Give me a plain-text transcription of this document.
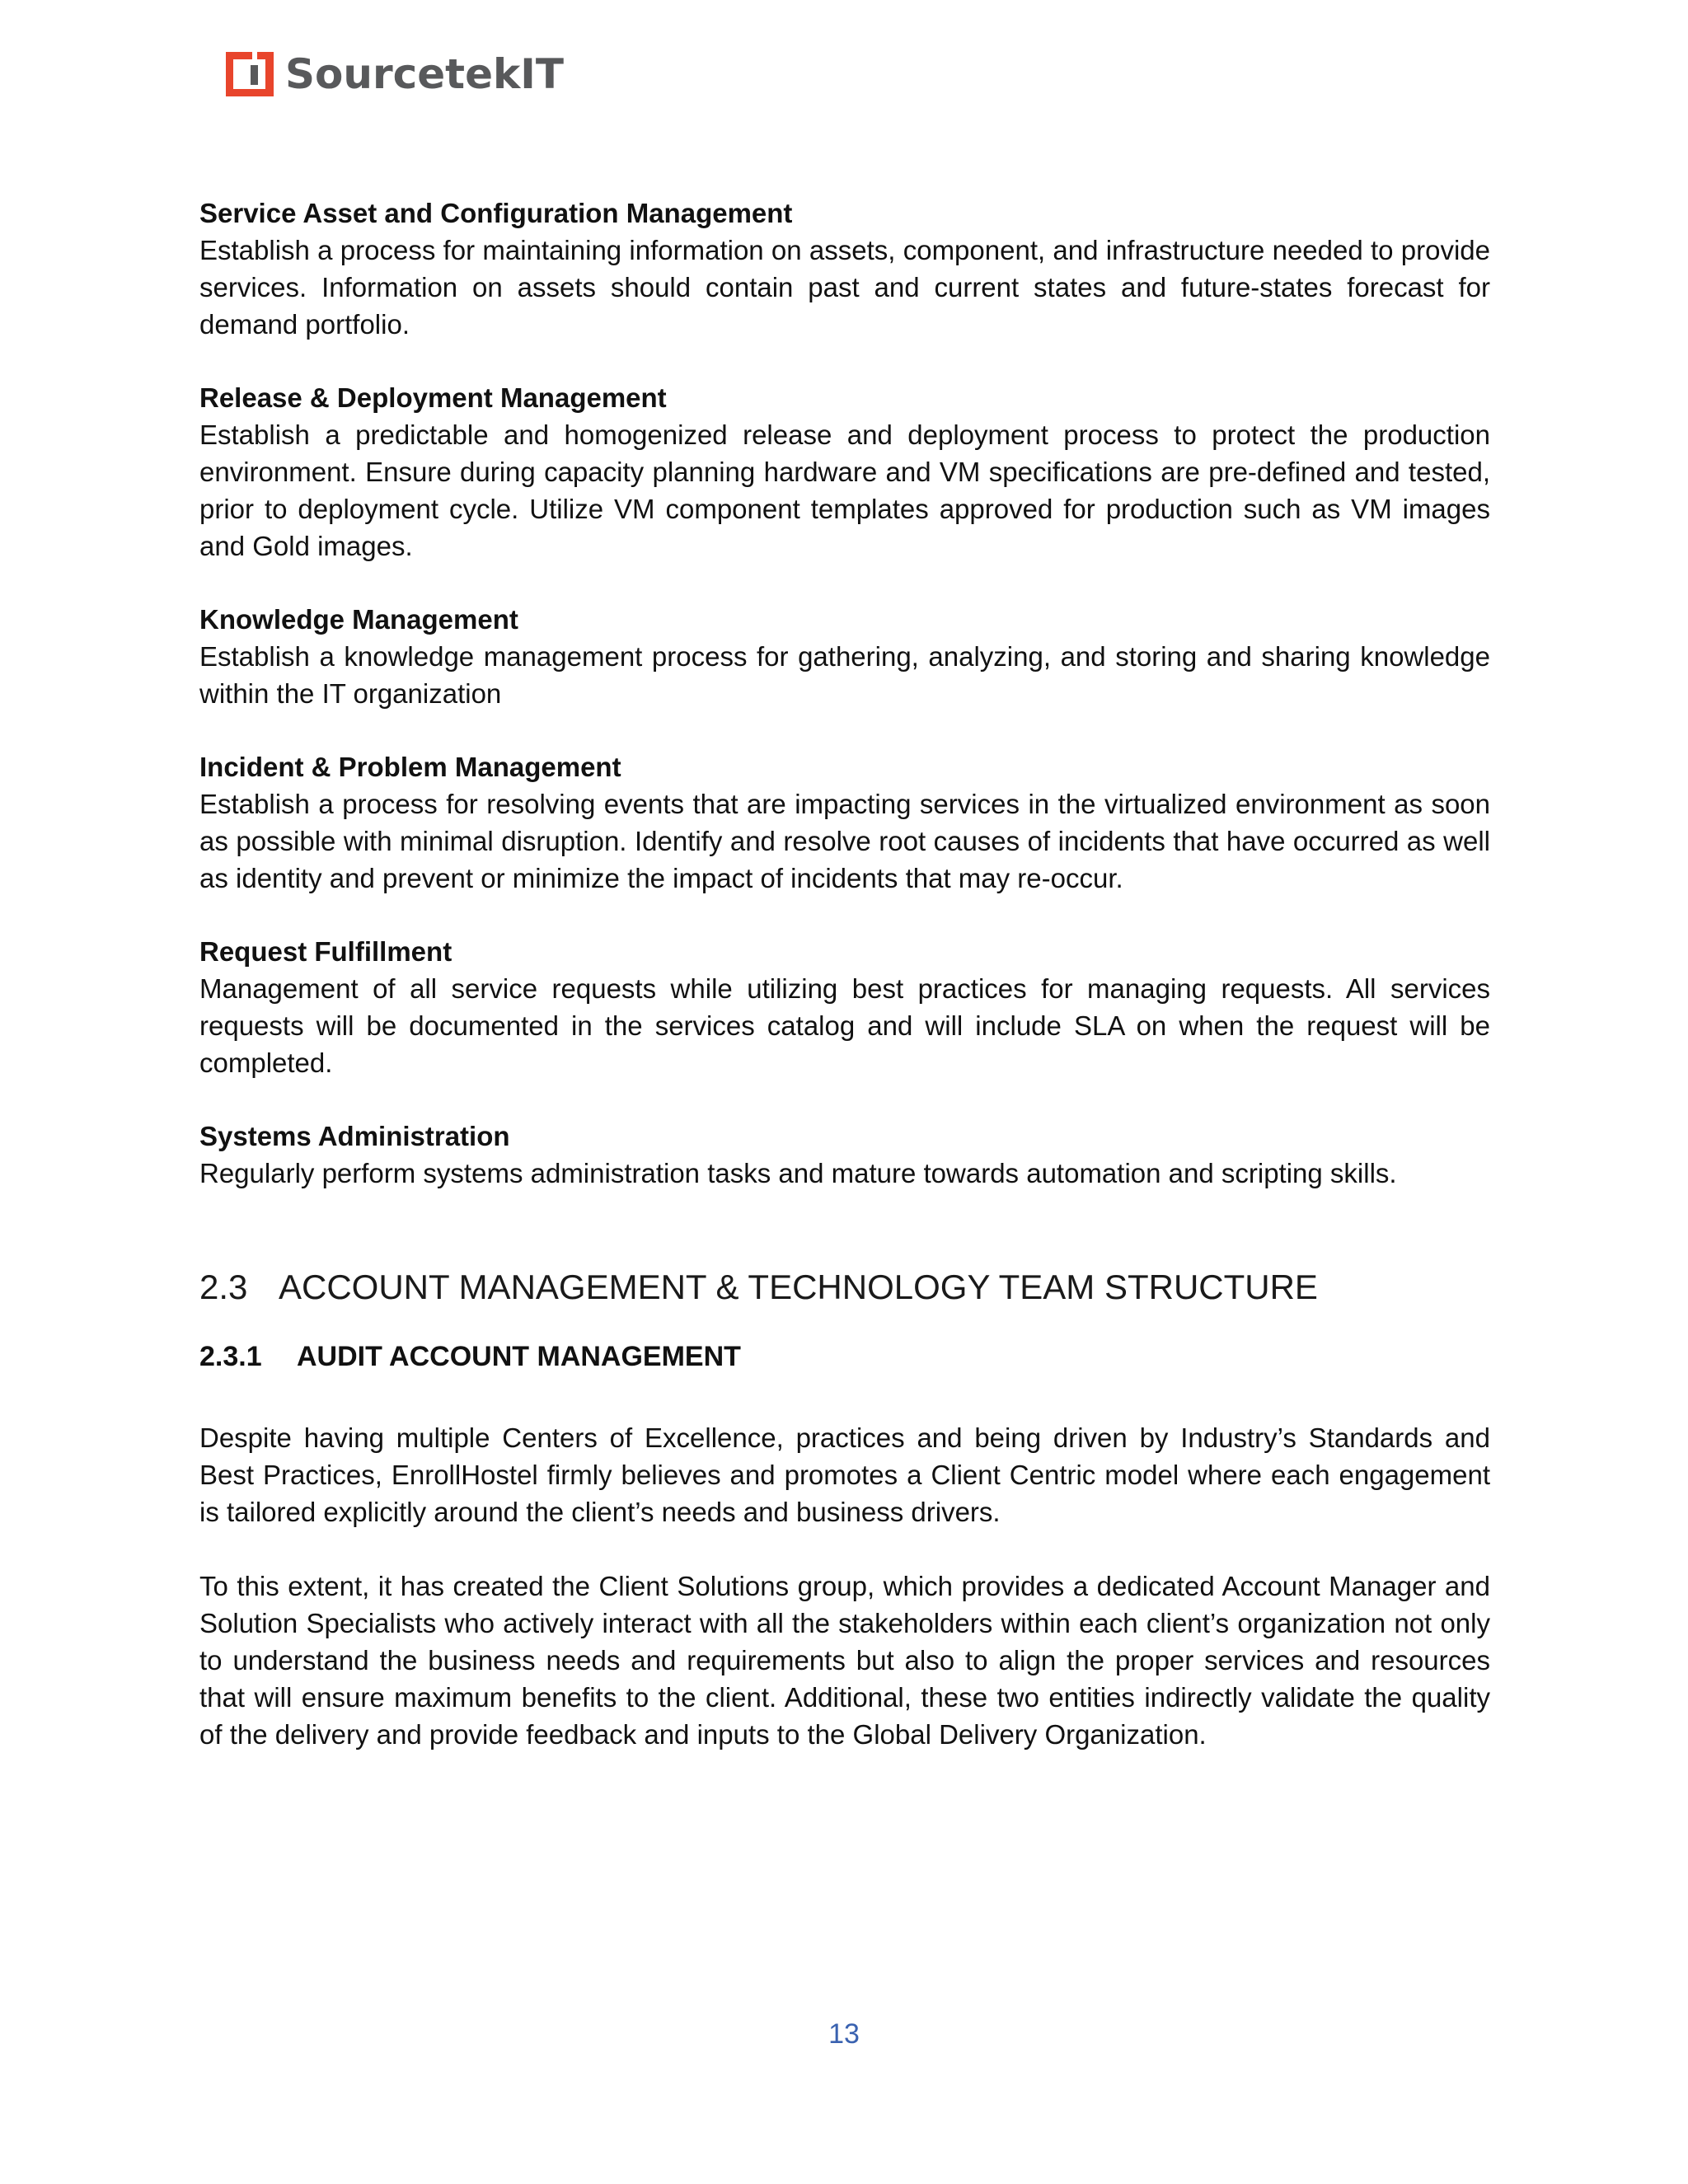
SourcetekIT

Service Asset and Configuration Management

Establish a process for maintaining information on assets, component, and infrastructure needed to provide services. Information on assets should contain past and current states and future-states forecast for demand portfolio.

Release & Deployment Management

Establish a predictable and homogenized release and deployment process to protect the production environment. Ensure during capacity planning hardware and VM specifications are pre-defined and tested, prior to deployment cycle. Utilize VM component templates approved for production such as VM images and Gold images.

Knowledge Management

Establish a knowledge management process for gathering, analyzing, and storing and sharing knowledge within the IT organization

Incident & Problem Management

Establish a process for resolving events that are impacting services in the virtualized environment as soon as possible with minimal disruption. Identify and resolve root causes of incidents that have occurred as well as identity and prevent or minimize the impact of incidents that may re-occur.

Request Fulfillment

Management of all service requests while utilizing best practices for managing requests. All services requests will be documented in the services catalog and will include SLA on when the request will be completed.

Systems Administration

Regularly perform systems administration tasks and mature towards automation and scripting skills.

2.3 ACCOUNT MANAGEMENT & TECHNOLOGY TEAM STRUCTURE
2.3.1	AUDIT ACCOUNT MANAGEMENT

Despite having multiple Centers of Excellence, practices and being driven by Industry’s Standards and Best Practices, EnrollHostel firmly believes and promotes a Client Centric model where each engagement is tailored explicitly around the client’s needs and business drivers.

To this extent, it has created the Client Solutions group, which provides a dedicated Account Manager and Solution Specialists who actively interact with all the stakeholders within each client’s organization not only to understand the business needs and requirements but also to align the proper services and resources that will ensure maximum benefits to the client. Additional, these two entities indirectly validate the quality of the delivery and provide feedback and inputs to the Global Delivery Organization.

13
